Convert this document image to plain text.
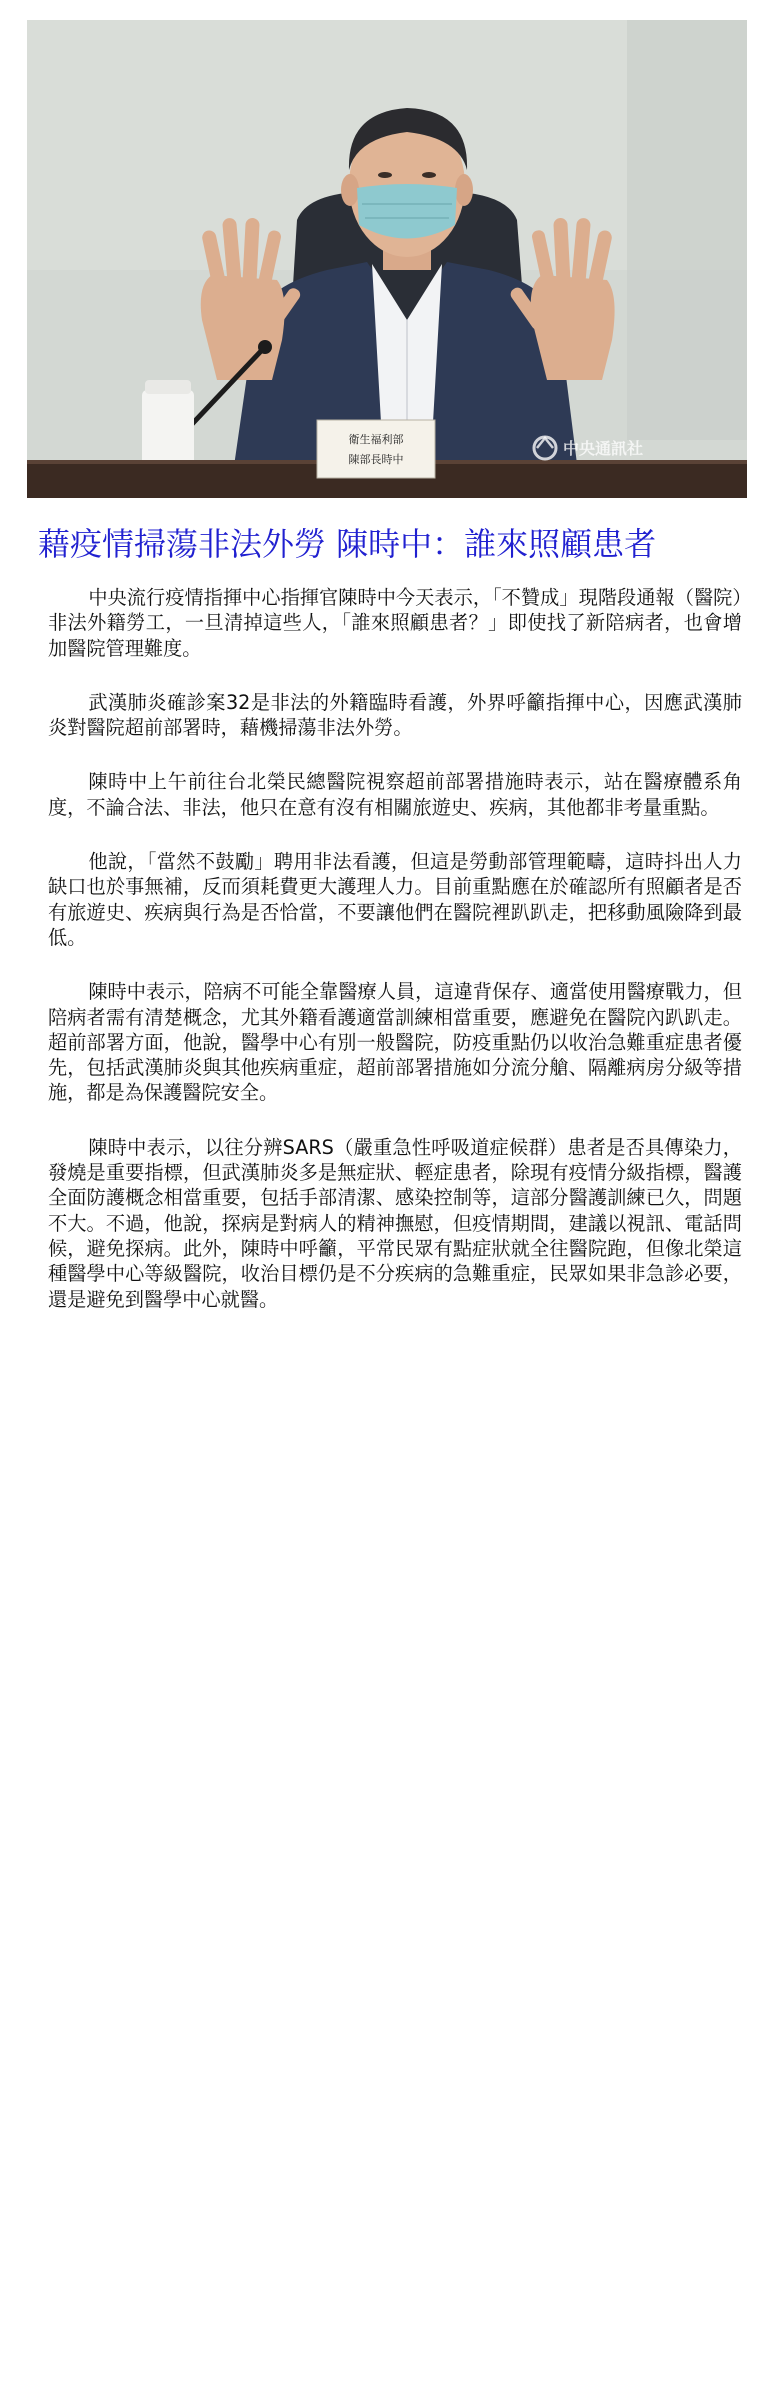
衛生福利部
陳部長時中
中央通訊社
藉疫情掃蕩非法外勞 陳時中：誰來照顧患者

中央流行疫情指揮中心指揮官陳時中今天表示，「不贊成」現階段通報（醫院）非法外籍勞工，一旦清掉這些人，「誰來照顧患者？」即使找了新陪病者，也會增加醫院管理難度。

武漢肺炎確診案32是非法的外籍臨時看護，外界呼籲指揮中心，因應武漢肺炎對醫院超前部署時，藉機掃蕩非法外勞。

陳時中上午前往台北榮民總醫院視察超前部署措施時表示，站在醫療體系角度，不論合法、非法，他只在意有沒有相關旅遊史、疾病，其他都非考量重點。

他說，「當然不鼓勵」聘用非法看護，但這是勞動部管理範疇，這時抖出人力缺口也於事無補，反而須耗費更大護理人力。目前重點應在於確認所有照顧者是否有旅遊史、疾病與行為是否恰當，不要讓他們在醫院裡趴趴走，把移動風險降到最低。

陳時中表示，陪病不可能全靠醫療人員，這違背保存、適當使用醫療戰力，但陪病者需有清楚概念，尤其外籍看護適當訓練相當重要，應避免在醫院內趴趴走。超前部署方面，他說，醫學中心有別一般醫院，防疫重點仍以收治急難重症患者優先，包括武漢肺炎與其他疾病重症，超前部署措施如分流分艙、隔離病房分級等措施，都是為保護醫院安全。

陳時中表示，以往分辨SARS（嚴重急性呼吸道症候群）患者是否具傳染力，發燒是重要指標，但武漢肺炎多是無症狀、輕症患者，除現有疫情分級指標，醫護全面防護概念相當重要，包括手部清潔、感染控制等，這部分醫護訓練已久，問題不大。不過，他說，探病是對病人的精神撫慰，但疫情期間，建議以視訊、電話問候，避免探病。此外，陳時中呼籲，平常民眾有點症狀就全往醫院跑，但像北榮這種醫學中心等級醫院，收治目標仍是不分疾病的急難重症，民眾如果非急診必要，還是避免到醫學中心就醫。
